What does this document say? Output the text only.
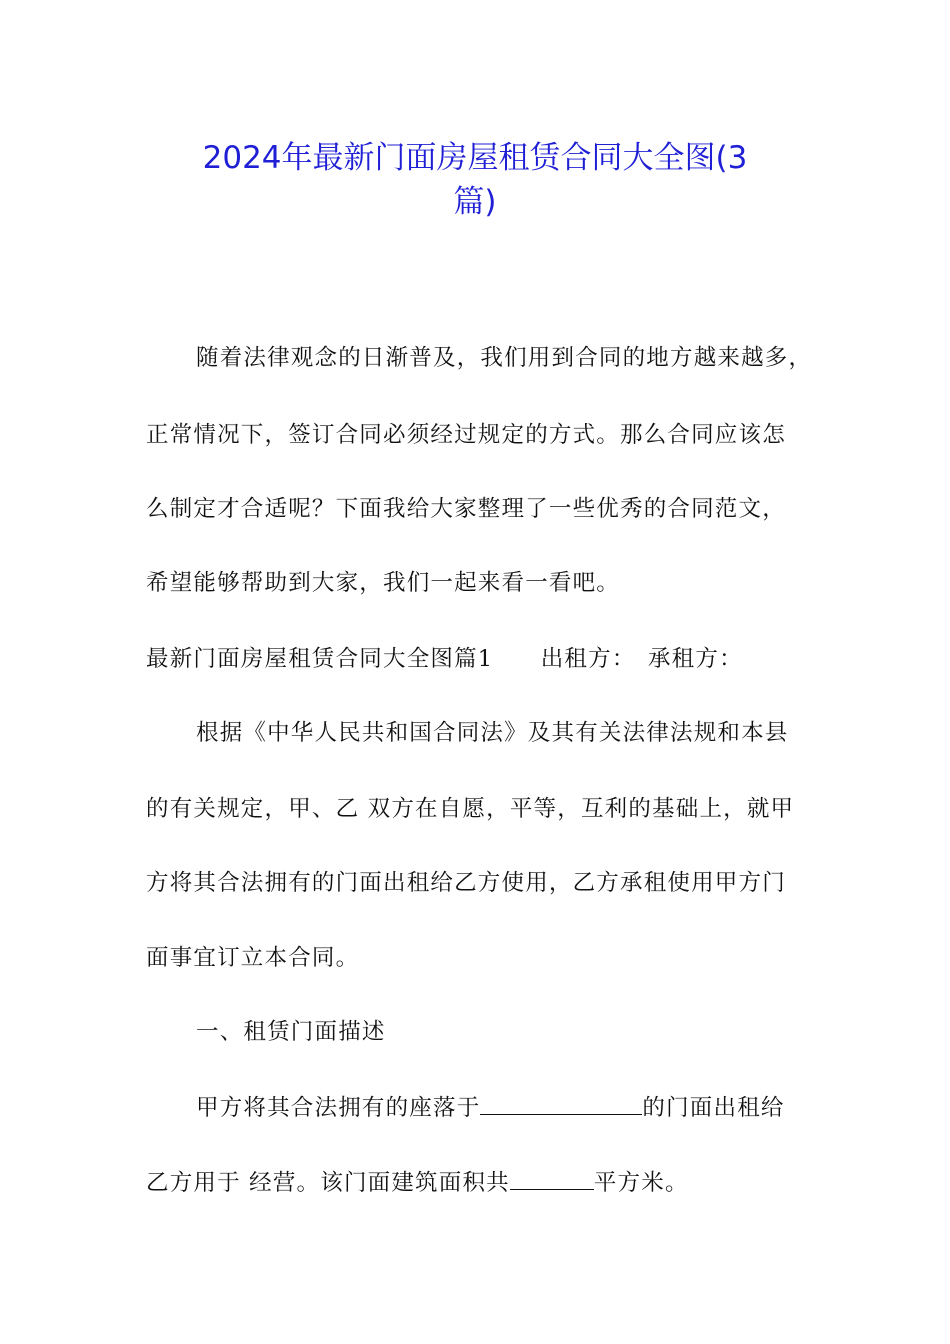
2024年最新门面房屋租赁合同大全图(3
篇)
随着法律观念的日渐普及，我们用到合同的地方越来越多，
正常情况下，签订合同必须经过规定的方式。那么合同应该怎
么制定才合适呢？下面我给大家整理了一些优秀的合同范文，
希望能够帮助到大家，我们一起来看一看吧。
最新门面房屋租赁合同大全图篇1　　出租方：　承租方：
根据《中华人民共和国合同法》及其有关法律法规和本县
的有关规定，甲、乙 双方在自愿，平等，互利的基础上，就甲
方将其合法拥有的门面出租给乙方使用，乙方承租使用甲方门
面事宜订立本合同。
一、租赁门面描述
甲方将其合法拥有的座落于	的门面出租给
乙方用于 经营。该门面建筑面积共	平方米。
